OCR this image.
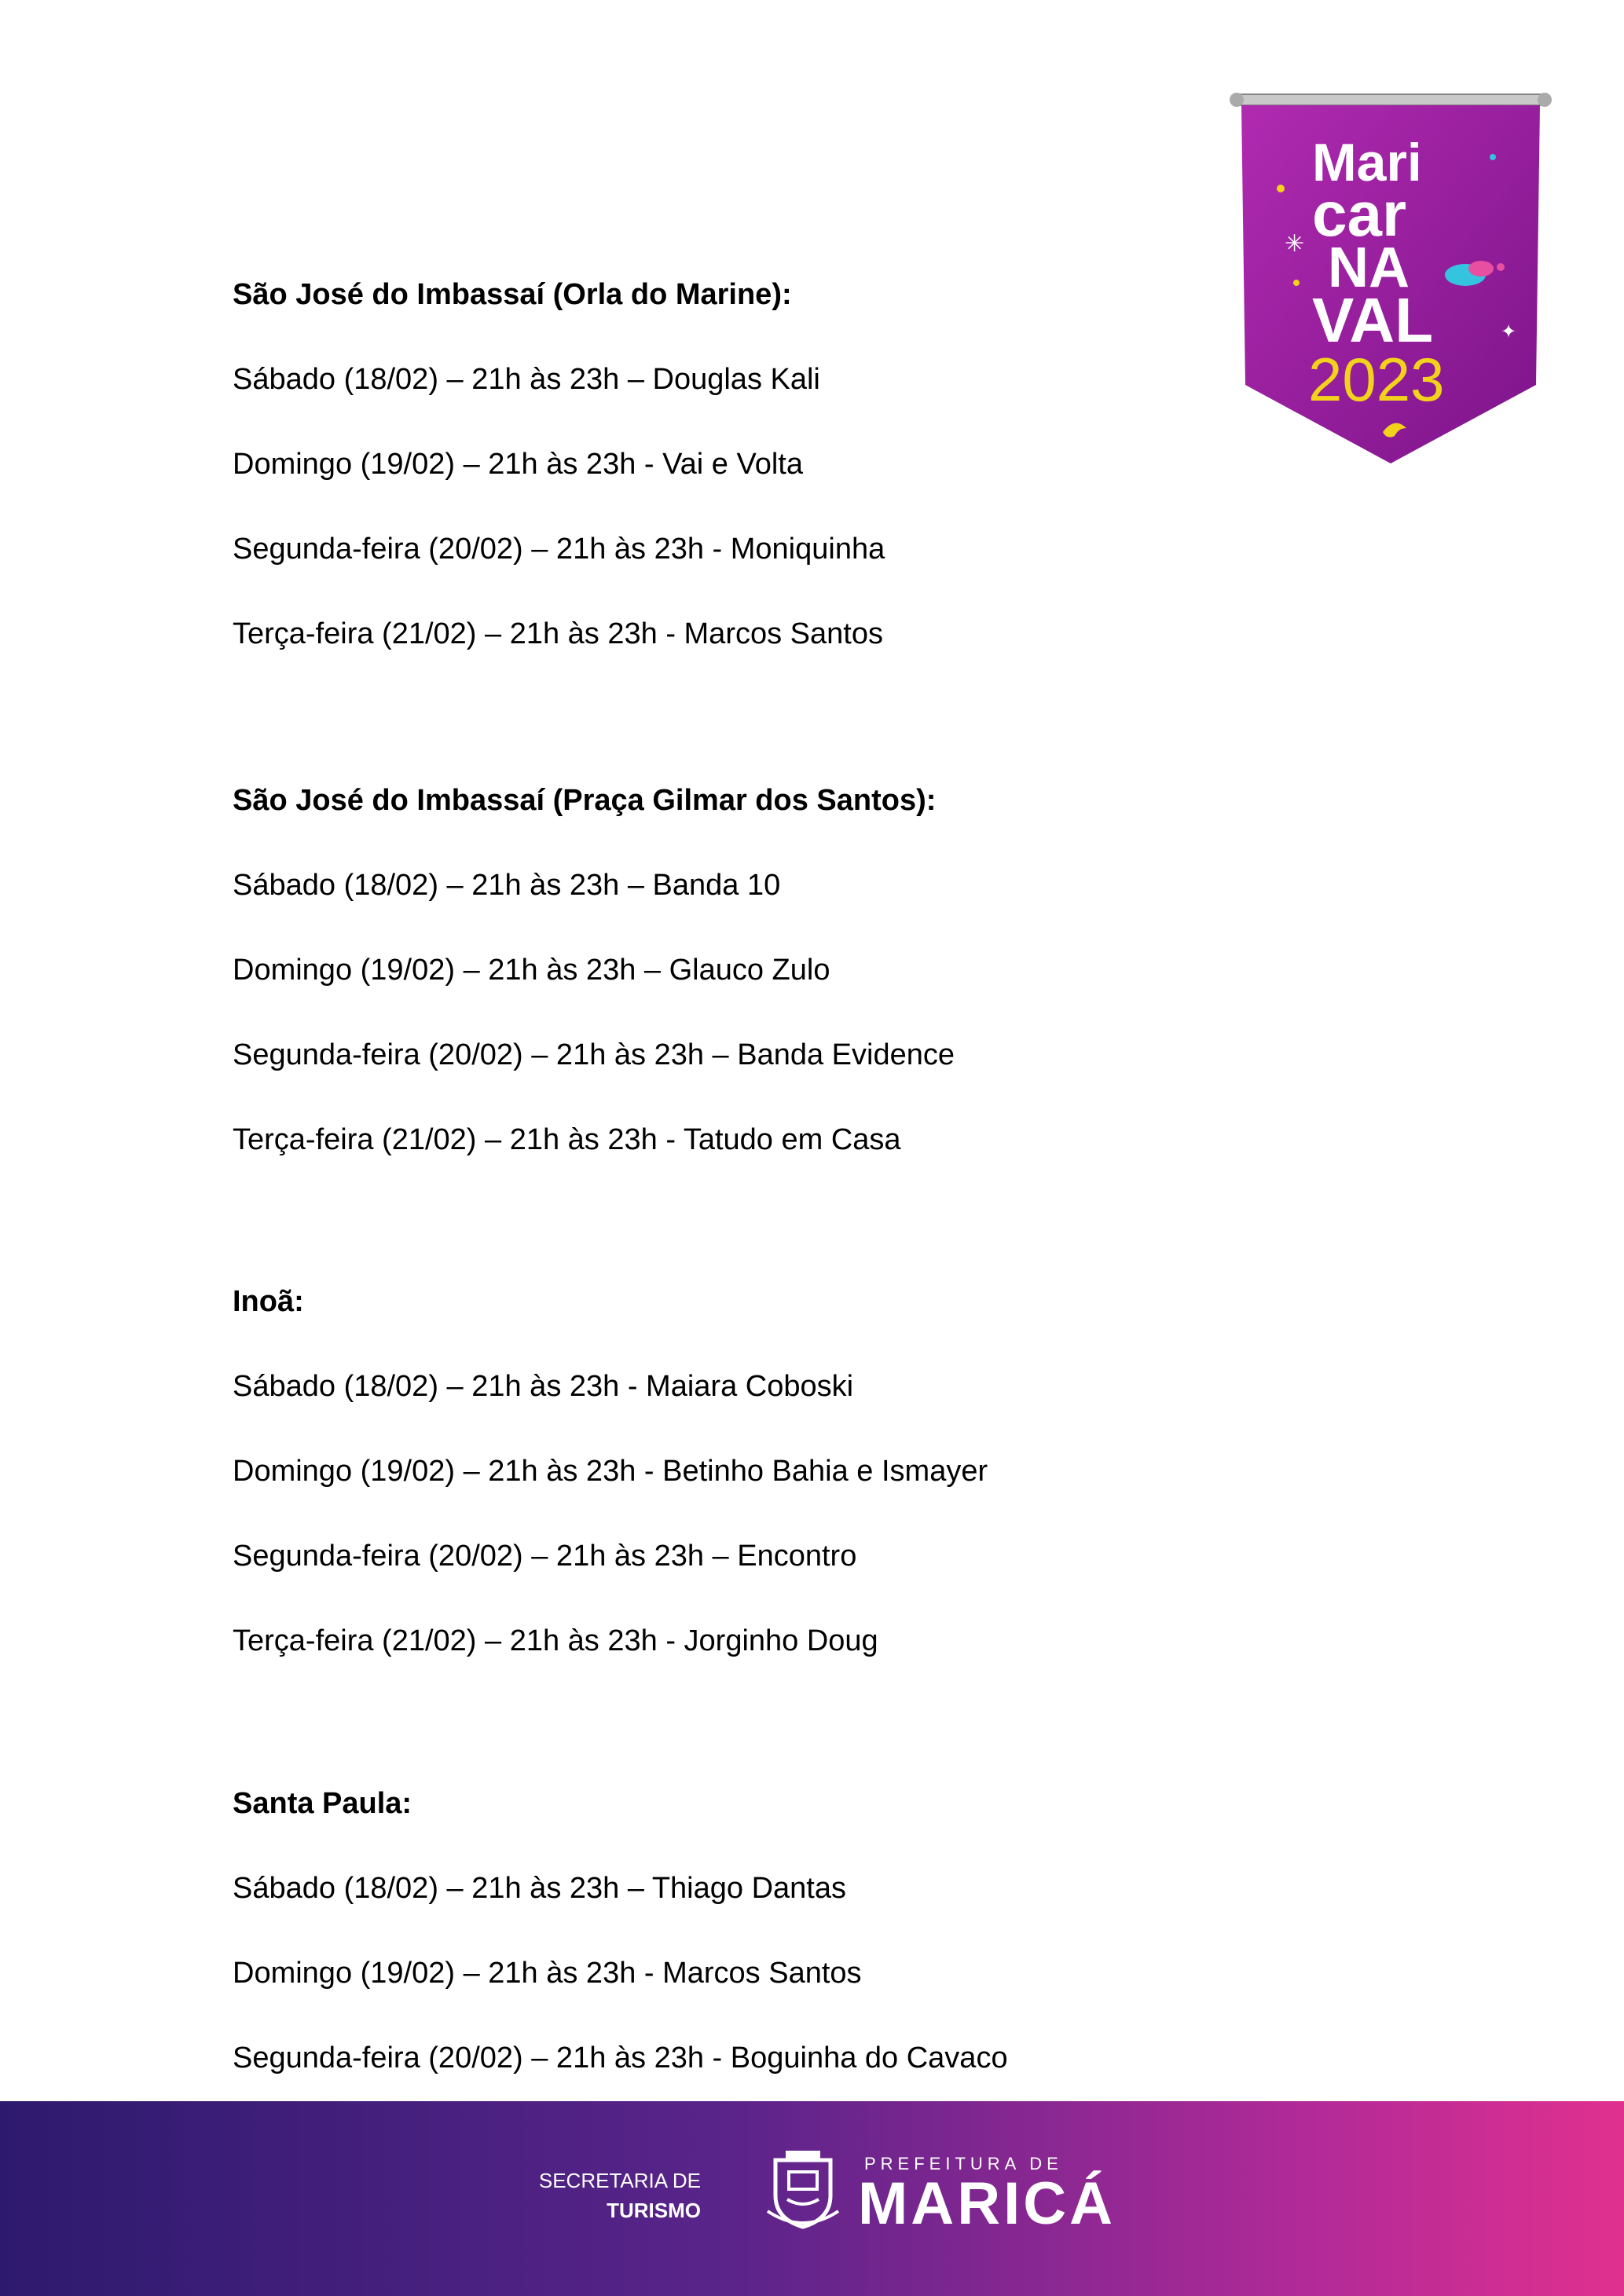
✳
✦
Mari
car
NA
VAL
2023
São José do Imbassaí (Orla do Marine):
Sábado (18/02) – 21h às 23h – Douglas Kali
Domingo (19/02) – 21h às 23h - Vai e Volta
Segunda-feira (20/02) – 21h às 23h - Moniquinha
Terça-feira (21/02) – 21h às 23h - Marcos Santos
São José do Imbassaí (Praça Gilmar dos Santos):
Sábado (18/02) – 21h às 23h – Banda 10
Domingo (19/02) – 21h às 23h – Glauco Zulo
Segunda-feira (20/02) – 21h às 23h – Banda Evidence
Terça-feira (21/02) – 21h às 23h - Tatudo em Casa
Inoã:
Sábado (18/02) – 21h às 23h - Maiara Coboski
Domingo (19/02) – 21h às 23h - Betinho Bahia e Ismayer
Segunda-feira (20/02) – 21h às 23h – Encontro
Terça-feira (21/02) – 21h às 23h - Jorginho Doug
Santa Paula:
Sábado (18/02) – 21h às 23h – Thiago Dantas
Domingo (19/02) – 21h às 23h - Marcos Santos
Segunda-feira (20/02) – 21h às 23h - Boguinha do Cavaco
SECRETARIA DE
TURISMO
PREFEITURA DE
MARICÁ
